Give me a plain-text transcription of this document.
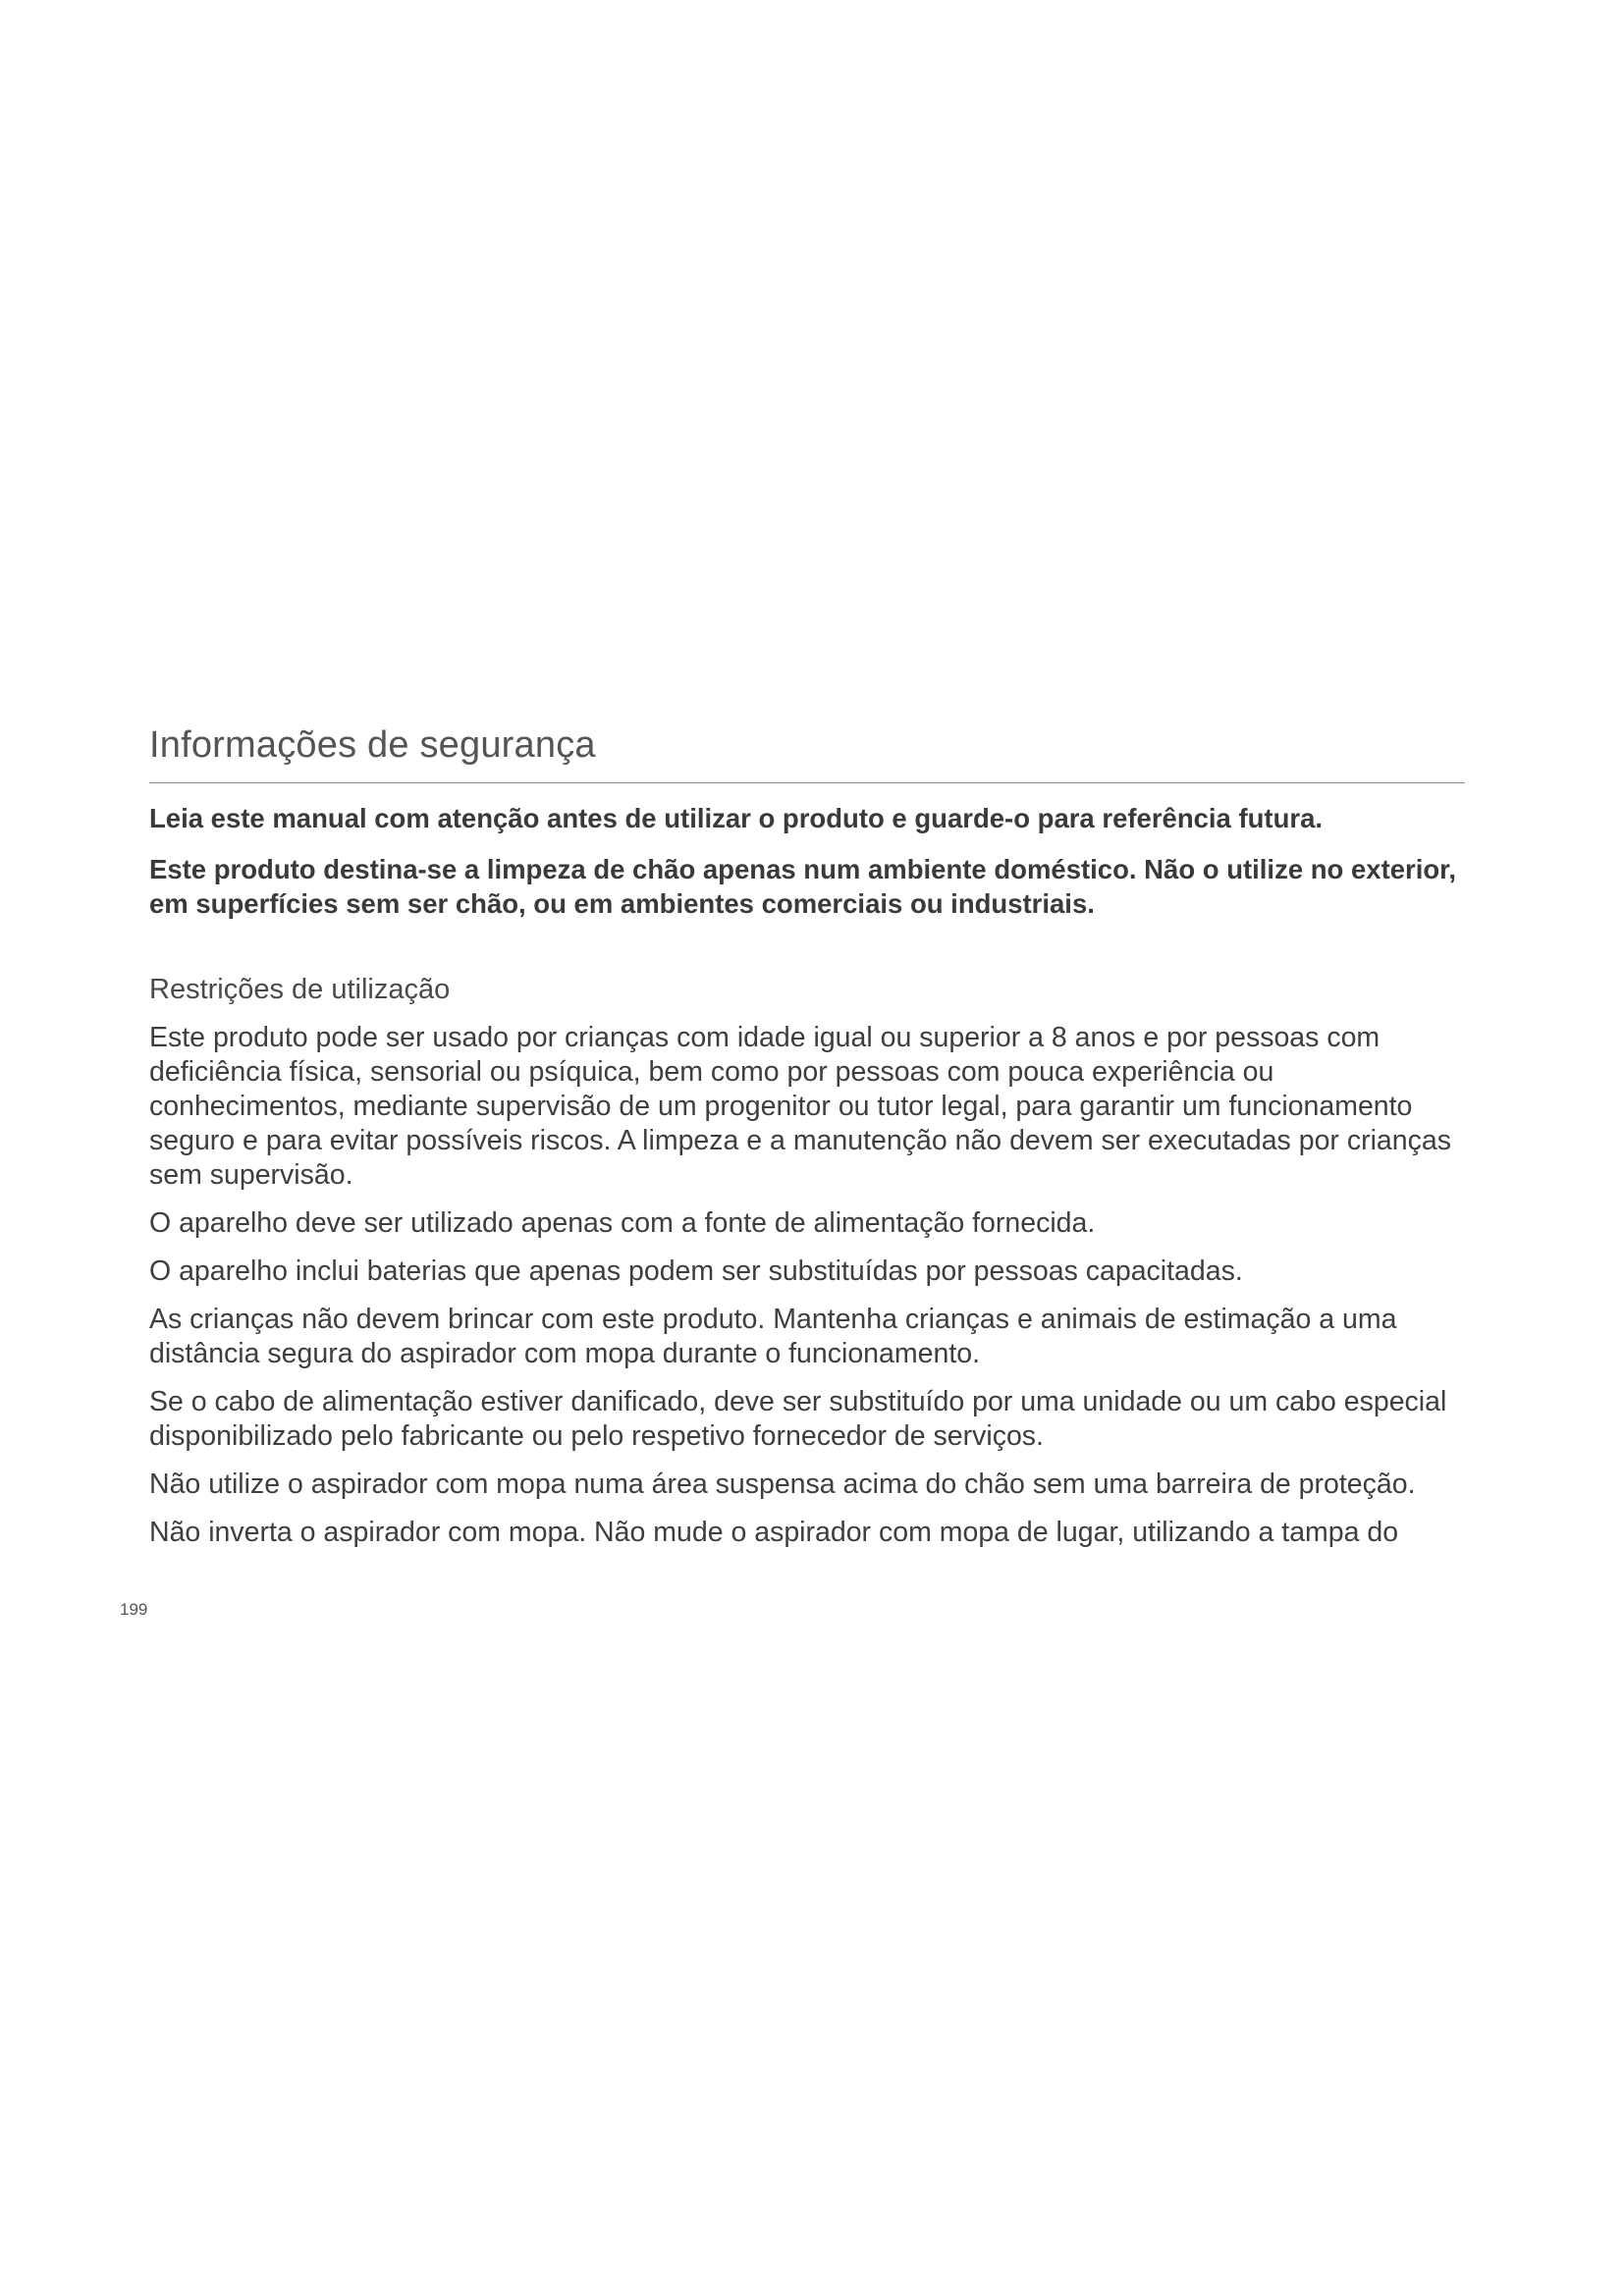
Informações de segurança

Leia este manual com atenção antes de utilizar o produto e guarde-o para referência futura.

Este produto destina-se a limpeza de chão apenas num ambiente doméstico. Não o utilize no exterior, em superfícies sem ser chão, ou em ambientes comerciais ou industriais.

Restrições de utilização

Este produto pode ser usado por crianças com idade igual ou superior a 8 anos e por pessoas com deficiência física, sensorial ou psíquica, bem como por pessoas com pouca experiência ou conhecimentos, mediante supervisão de um progenitor ou tutor legal, para garantir um funcionamento seguro e para evitar possíveis riscos. A limpeza e a manutenção não devem ser executadas por crianças sem supervisão.

O aparelho deve ser utilizado apenas com a fonte de alimentação fornecida.

O aparelho inclui baterias que apenas podem ser substituídas por pessoas capacitadas.

As crianças não devem brincar com este produto. Mantenha crianças e animais de estimação a uma distância segura do aspirador com mopa durante o funcionamento.

Se o cabo de alimentação estiver danificado, deve ser substituído por uma unidade ou um cabo especial disponibilizado pelo fabricante ou pelo respetivo fornecedor de serviços.

Não utilize o aspirador com mopa numa área suspensa acima do chão sem uma barreira de proteção.

Não inverta o aspirador com mopa. Não mude o aspirador com mopa de lugar, utilizando a tampa do

199
